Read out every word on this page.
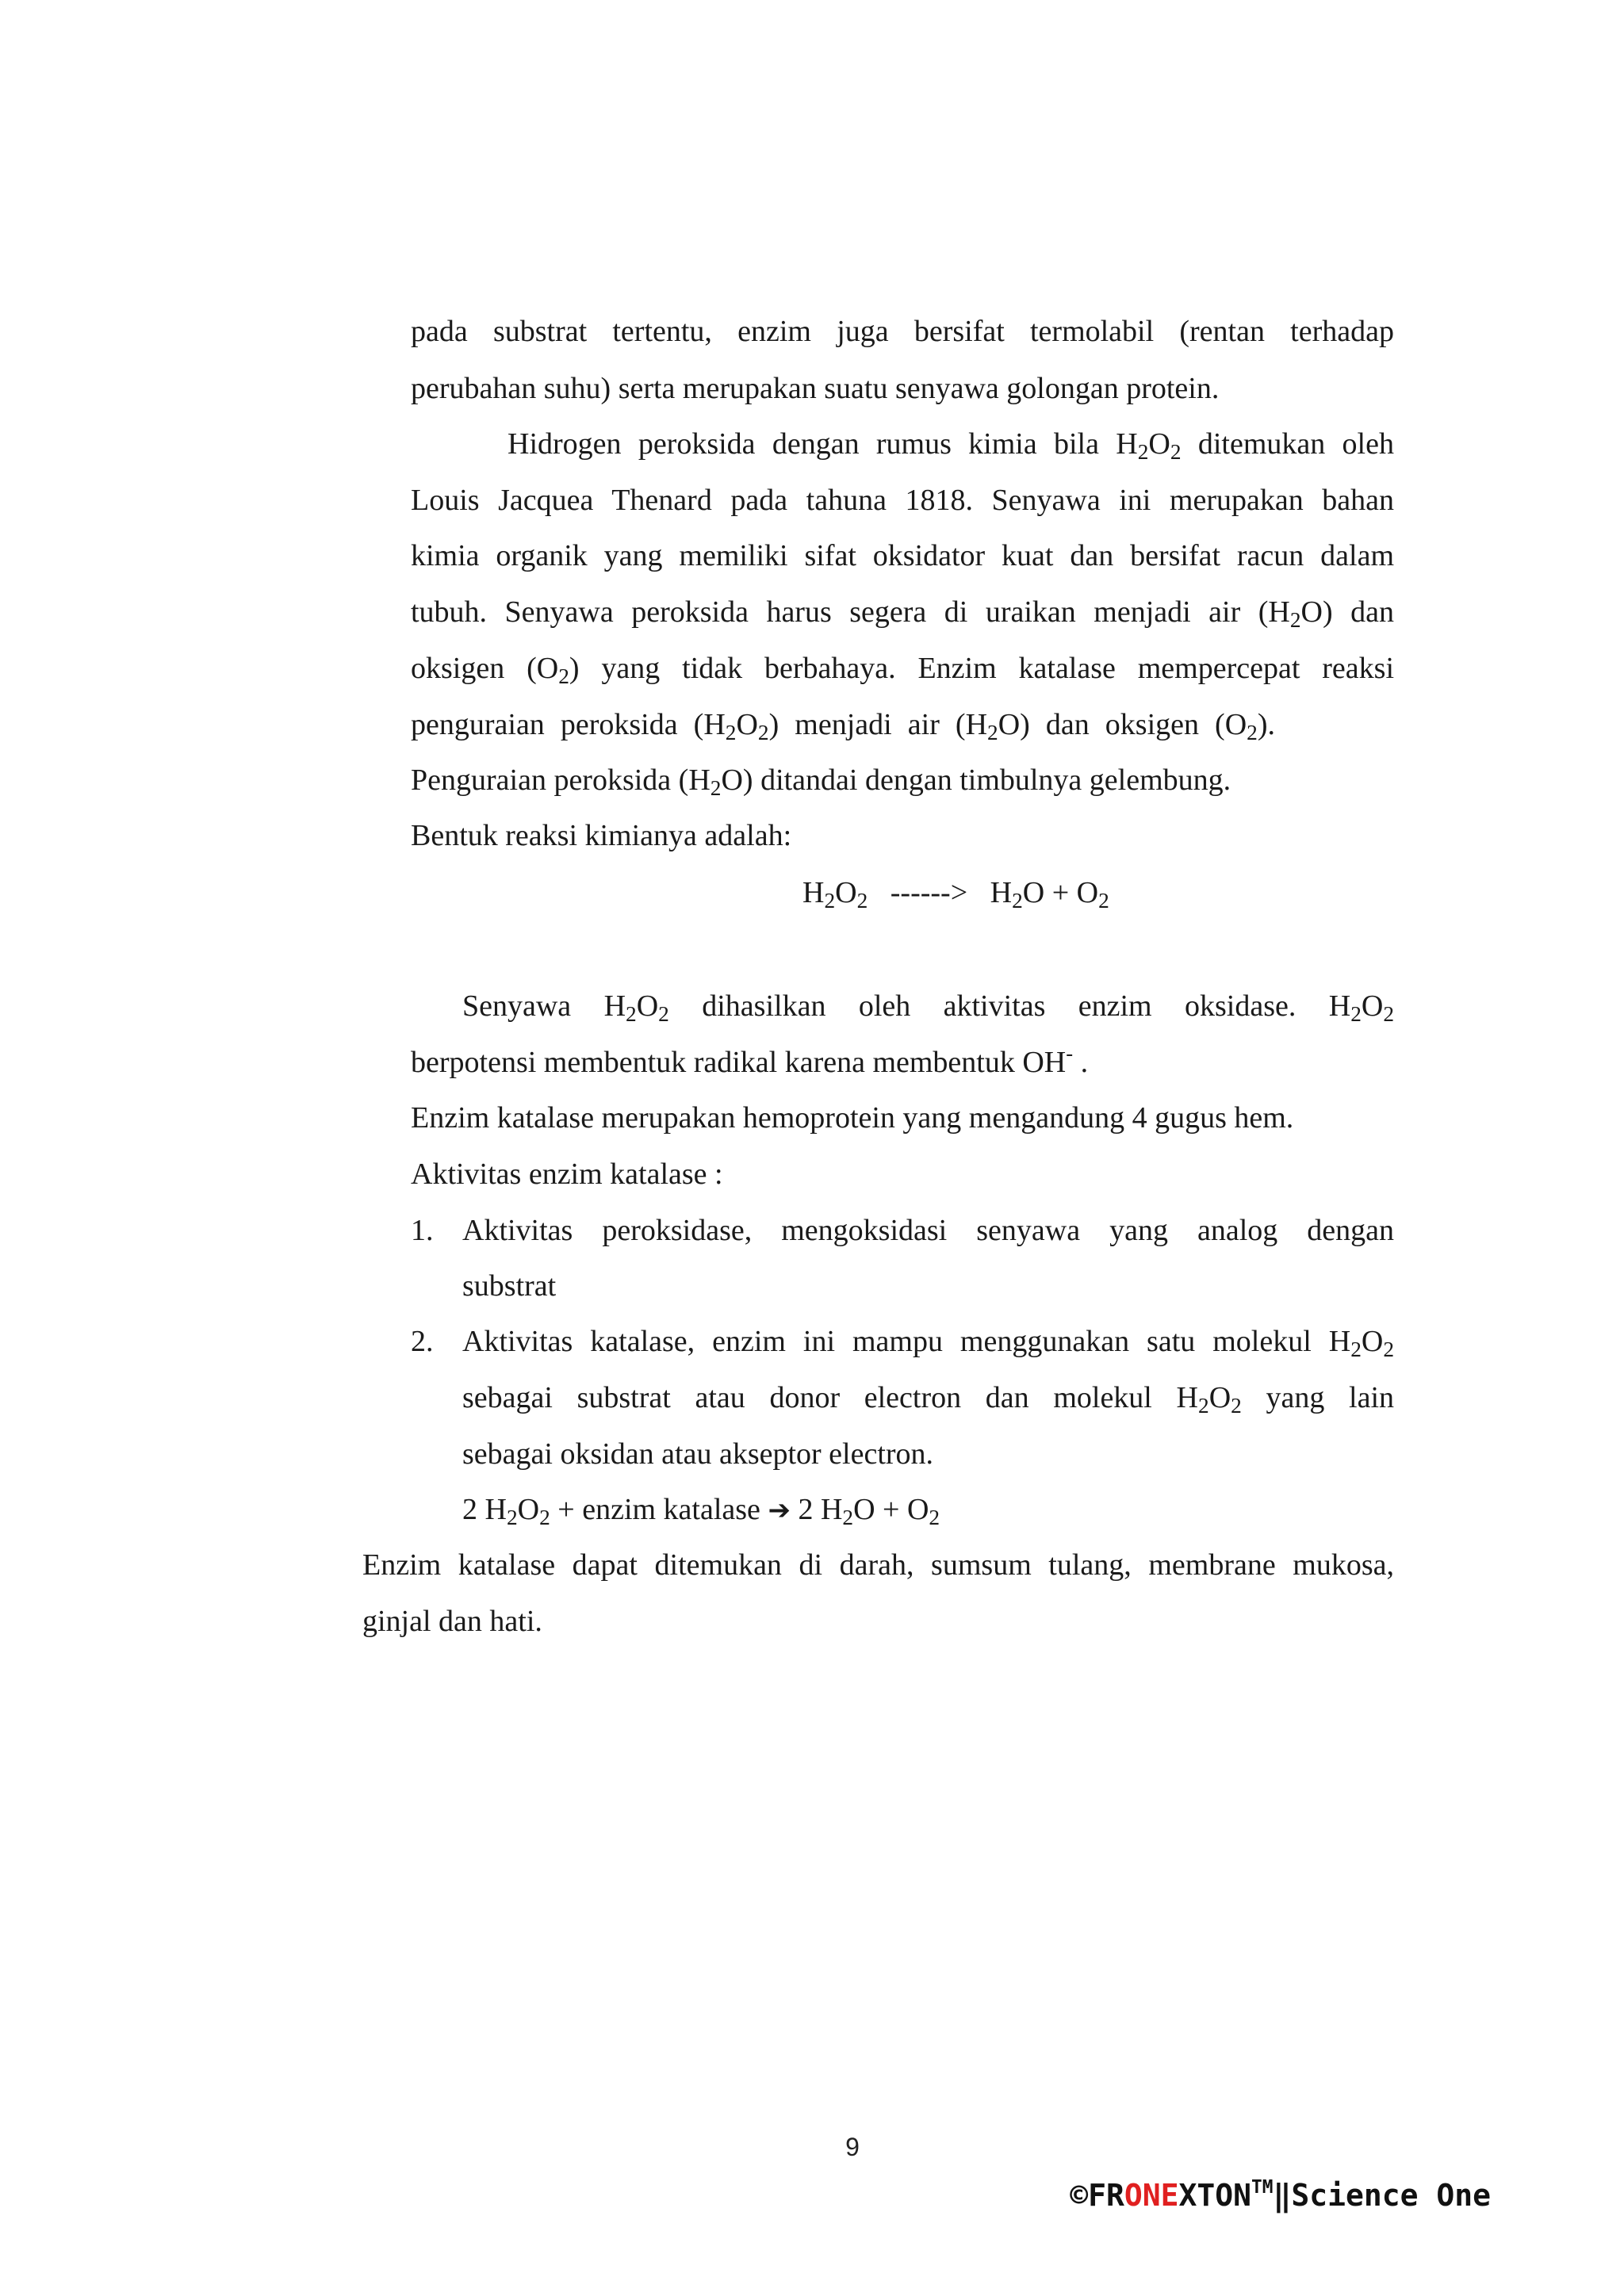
pada substrat tertentu, enzim juga bersifat termolabil (rentan terhadap
perubahan suhu) serta merupakan suatu senyawa golongan protein.
Hidrogen peroksida dengan rumus kimia bila $H_2O_2$ ditemukan oleh
Louis Jacquea Thenard pada tahuna 1818. Senyawa ini merupakan bahan
kimia organik yang memiliki sifat oksidator kuat dan bersifat racun dalam
tubuh. Senyawa peroksida harus segera di uraikan menjadi air $(H_2O)$ dan
oksigen $(O_2)$ yang tidak berbahaya. Enzim katalase mempercepat reaksi
penguraian peroksida $(H_2O_2)$ menjadi air $(H_2O)$ dan oksigen $(O_2)$.
Penguraian peroksida $(H_2O)$ ditandai dengan timbulnya gelembung.
Bentuk reaksi kimianya adalah:
$H_2O_2$ ------> $H_2O + O_2$
Senyawa $H_2O_2$ dihasilkan oleh aktivitas enzim oksidase. $H_2O_2$
berpotensi membentuk radikal karena membentuk OH- .
Enzim katalase merupakan hemoprotein yang mengandung 4 gugus hem.
Aktivitas enzim katalase :
1. Aktivitas peroksidase, mengoksidasi senyawa yang analog dengan
substrat
2. Aktivitas katalase, enzim ini mampu menggunakan satu molekul $H_2O_2$
sebagai substrat atau donor electron dan molekul $H_2O_2$ yang lain
sebagai oksidan atau akseptor electron.
2 $H_2O_2$ + enzim katalase ➔ 2 $H_2O + O_2$
Enzim katalase dapat ditemukan di darah, sumsum tulang, membrane mukosa,
ginjal dan hati.
9
©FRONEXTON™‖Science One
